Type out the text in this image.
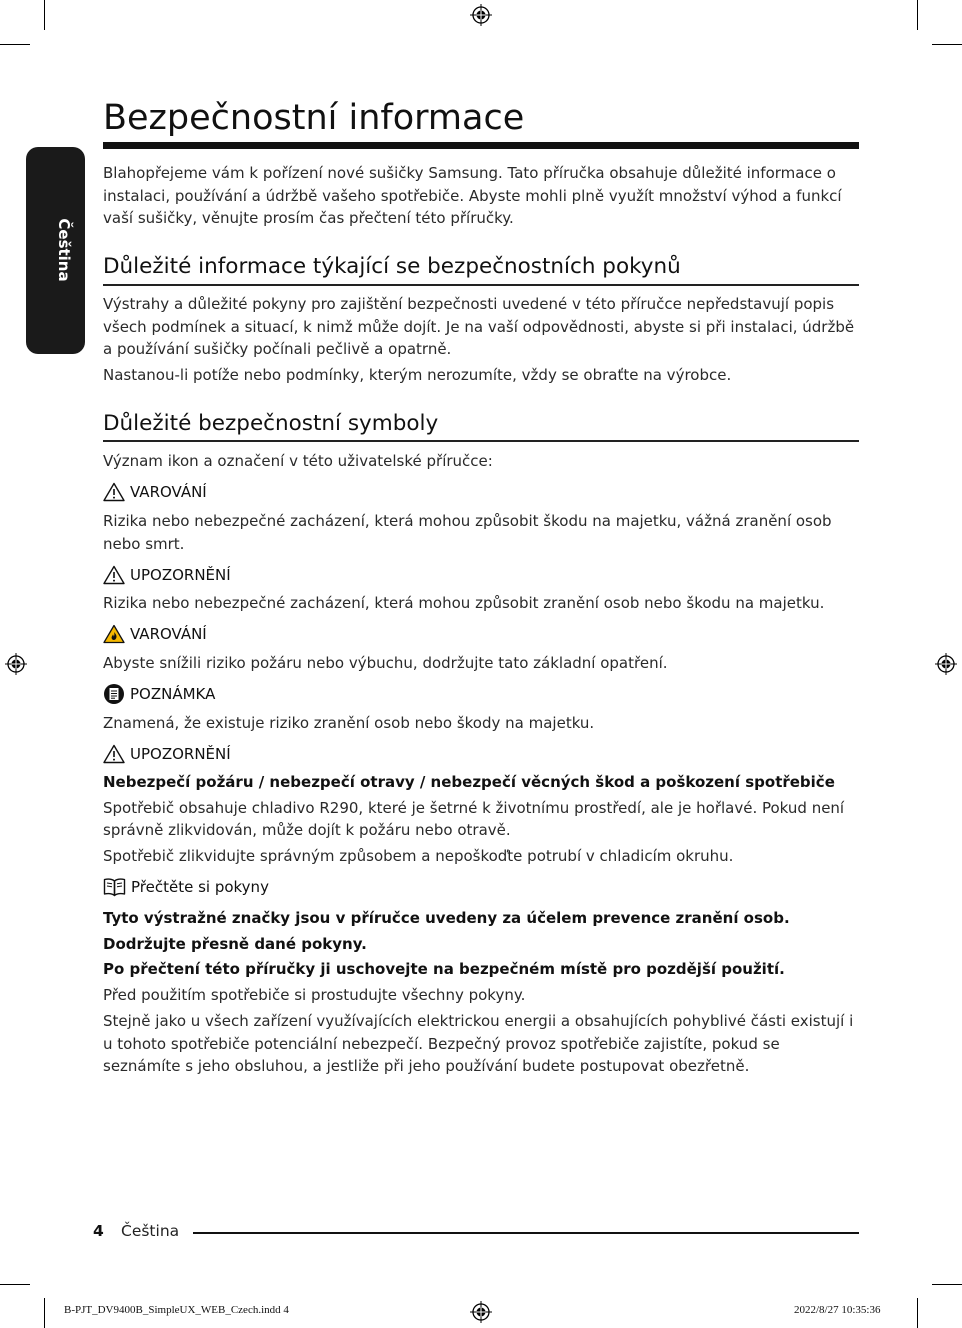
Čeština
Bezpečnostní informace

Blahopřejeme vám k pořízení nové sušičky Samsung. Tato příručka obsahuje důležité informace o instalaci, používání a údržbě vašeho spotřebiče. Abyste mohli plně využít množství výhod a funkcí vaší sušičky, věnujte prosím čas přečtení této příručky.

Důležité informace týkající se bezpečnostních pokynů

Výstrahy a důležité pokyny pro zajištění bezpečnosti uvedené v této příručce nepředstavují popis všech podmínek a situací, k nimž může dojít. Je na vaší odpovědnosti, abyste si při instalaci, údržbě a používání sušičky počínali pečlivě a opatrně.

Nastanou-li potíže nebo podmínky, kterým nerozumíte, vždy se obraťte na výrobce.

Důležité bezpečnostní symboly

Význam ikon a označení v této uživatelské příručce:

VAROVÁNÍ

Rizika nebo nebezpečné zacházení, která mohou způsobit škodu na majetku, vážná zranění osob nebo smrt.

UPOZORNĚNÍ

Rizika nebo nebezpečné zacházení, která mohou způsobit zranění osob nebo škodu na majetku.

VAROVÁNÍ

Abyste snížili riziko požáru nebo výbuchu, dodržujte tato základní opatření.

POZNÁMKA

Znamená, že existuje riziko zranění osob nebo škody na majetku.

UPOZORNĚNÍ

Nebezpečí požáru / nebezpečí otravy / nebezpečí věcných škod a poškození spotřebiče

Spotřebič obsahuje chladivo R290, které je šetrné k životnímu prostředí, ale je hořlavé. Pokud není správně zlikvidován, může dojít k požáru nebo otravě.

Spotřebič zlikvidujte správným způsobem a nepoškoďte potrubí v chladicím okruhu.

Přečtěte si pokyny

Tyto výstražné značky jsou v příručce uvedeny za účelem prevence zranění osob.

Dodržujte přesně dané pokyny.

Po přečtení této příručky ji uschovejte na bezpečném místě pro pozdější použití.

Před použitím spotřebiče si prostudujte všechny pokyny.

Stejně jako u všech zařízení využívajících elektrickou energii a obsahujících pohyblivé části existují i u tohoto spotřebiče potenciální nebezpečí. Bezpečný provoz spotřebiče zajistíte, pokud se seznámíte s jeho obsluhou, a jestliže při jeho používání budete postupovat obezřetně.

4 Čeština
B-PJT_DV9400B_SimpleUX_WEB_Czech.indd 4	2022/8/27 10:35:36
